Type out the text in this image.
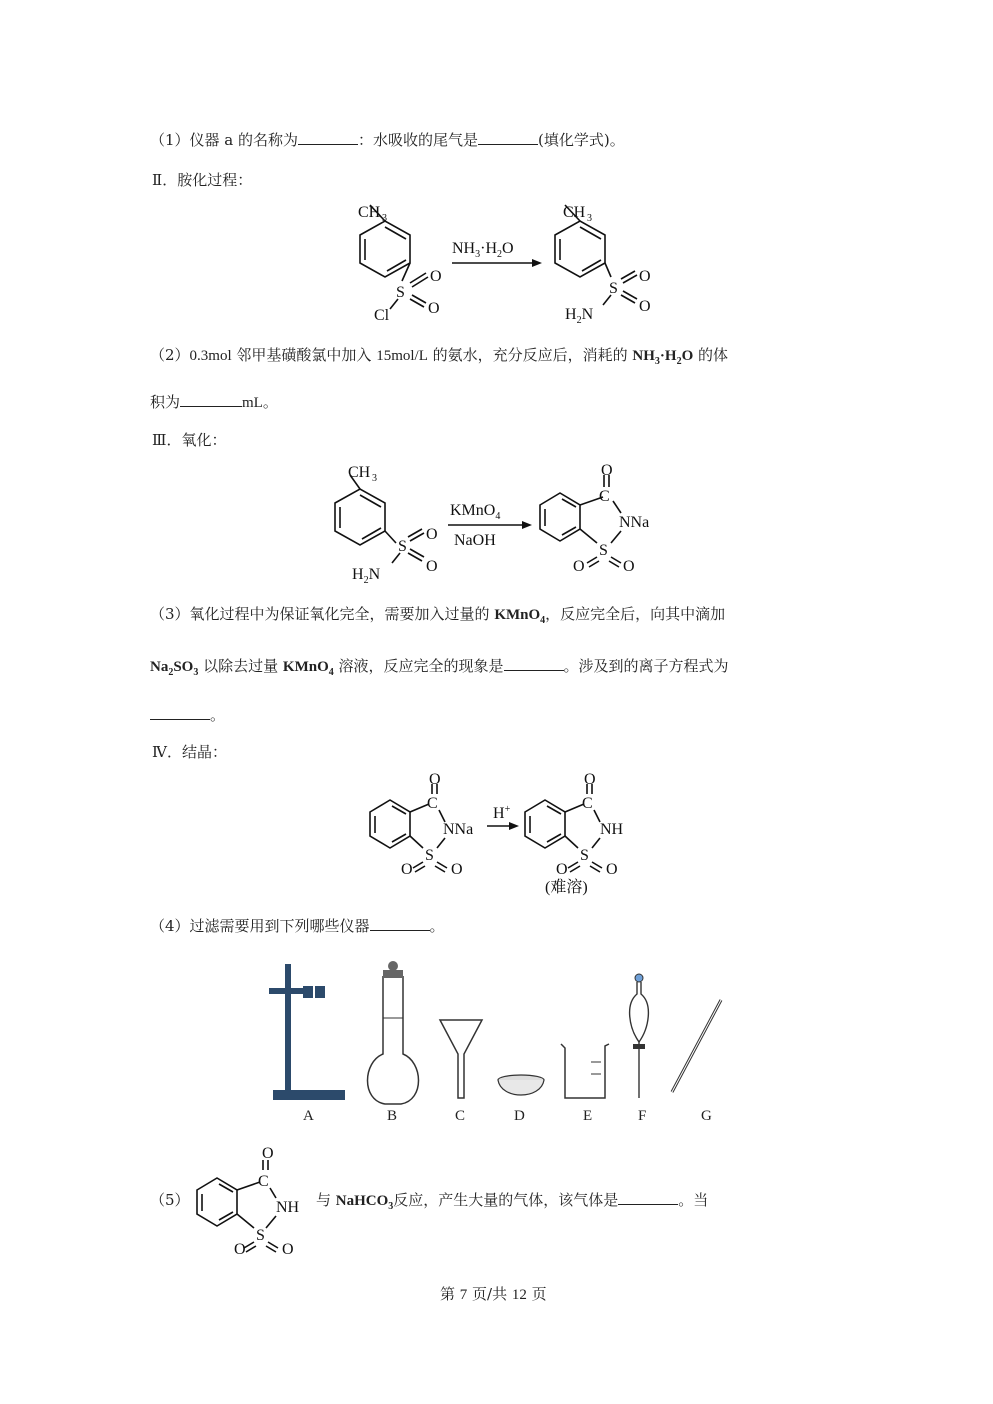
（1）仪器 a 的名称为	：水吸收的尾气是	(填化学式)。
Ⅱ．胺化过程：
CH 3
S
O
O
Cl
$NH_3\cdot H_2O$
CH 3
S
O
O
$H_2N$
（2）0.3mol 邻甲基磺酸氯中加入 15mol/L 的氨水，充分反应后，消耗的 $NH_3\cdot H_2O$ 的体
积为	mL。
Ⅲ．氧化：
CH 3
S
O
O
$H_2N$
KMnO$_4$
NaOH
C
O
NNa
S
O O
（3）氧化过程中为保证氧化完全，需要加入过量的 KMnO$_4$，反应完全后，向其中滴加
$Na_2SO_3$ 以除去过量 KMnO$_4$ 溶液，反应完全的现象是	。涉及到的离子方程式为
。
Ⅳ．结晶：
C
O
NNa
S
O O
H+	C
O
NH
S
O O
(难溶)
（4）过滤需要用到下列哪些仪器	。
A	B	C	D	E	F	G
（5）
C
O
NH
S
O O
与 NaHCO$_3$反应，产生大量的气体，该气体是	。当
第 7 页/共 12 页
